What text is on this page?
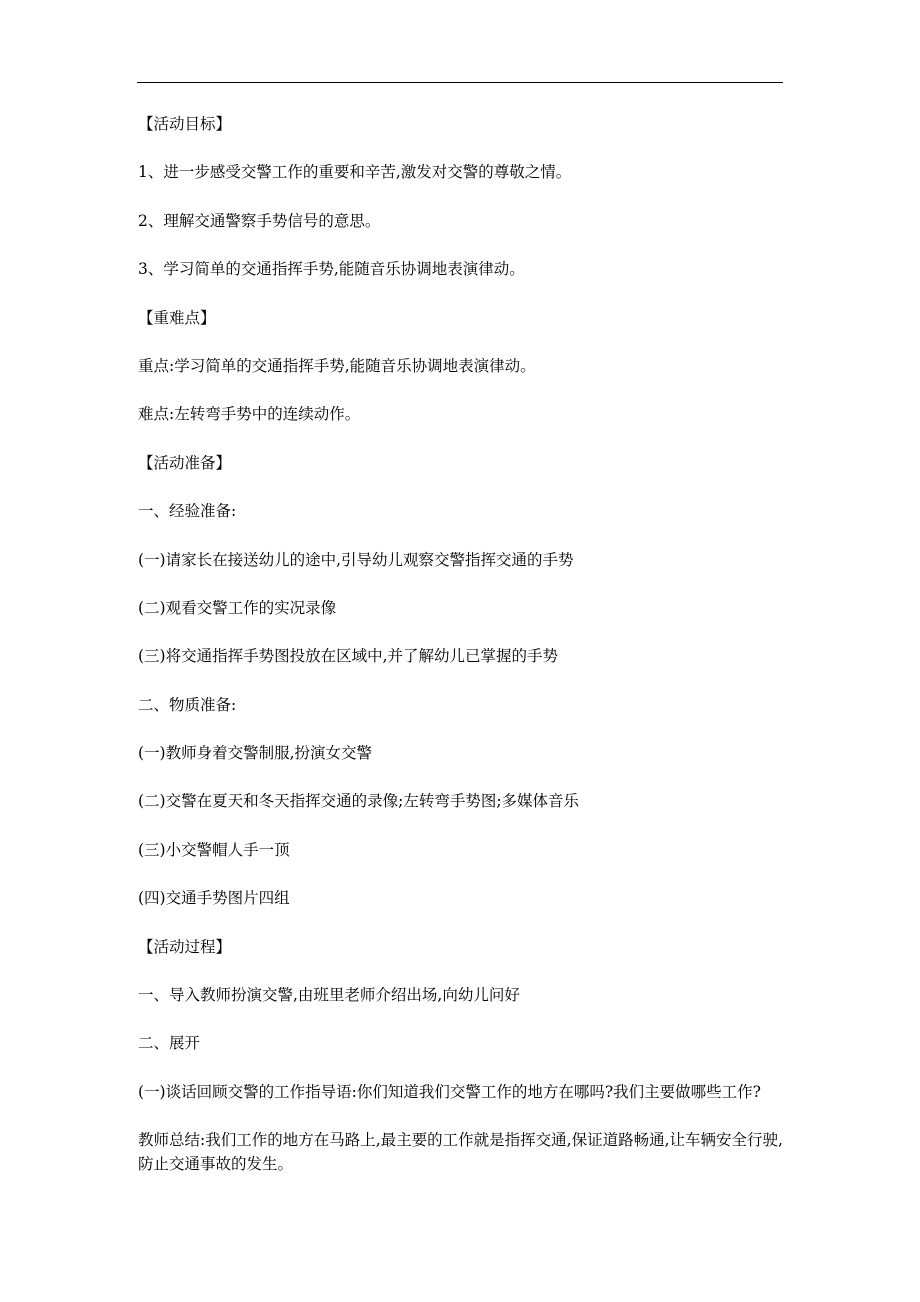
【活动目标】

1、进一步感受交警工作的重要和辛苦,激发对交警的尊敬之情。

2、理解交通警察手势信号的意思。

3、学习简单的交通指挥手势,能随音乐协调地表演律动。

【重难点】

重点:学习简单的交通指挥手势,能随音乐协调地表演律动。

难点:左转弯手势中的连续动作。

【活动准备】

一、经验准备:

(一)请家长在接送幼儿的途中,引导幼儿观察交警指挥交通的手势

(二)观看交警工作的实况录像

(三)将交通指挥手势图投放在区域中,并了解幼儿已掌握的手势

二、物质准备:

(一)教师身着交警制服,扮演女交警

(二)交警在夏天和冬天指挥交通的录像;左转弯手势图;多媒体音乐

(三)小交警帽人手一顶

(四)交通手势图片四组

【活动过程】

一、导入教师扮演交警,由班里老师介绍出场,向幼儿问好

二、展开

(一)谈话回顾交警的工作指导语:你们知道我们交警工作的地方在哪吗?我们主要做哪些工作?

教师总结:我们工作的地方在马路上,最主要的工作就是指挥交通,保证道路畅通,让车辆安全行驶,防止交通事故的发生。
